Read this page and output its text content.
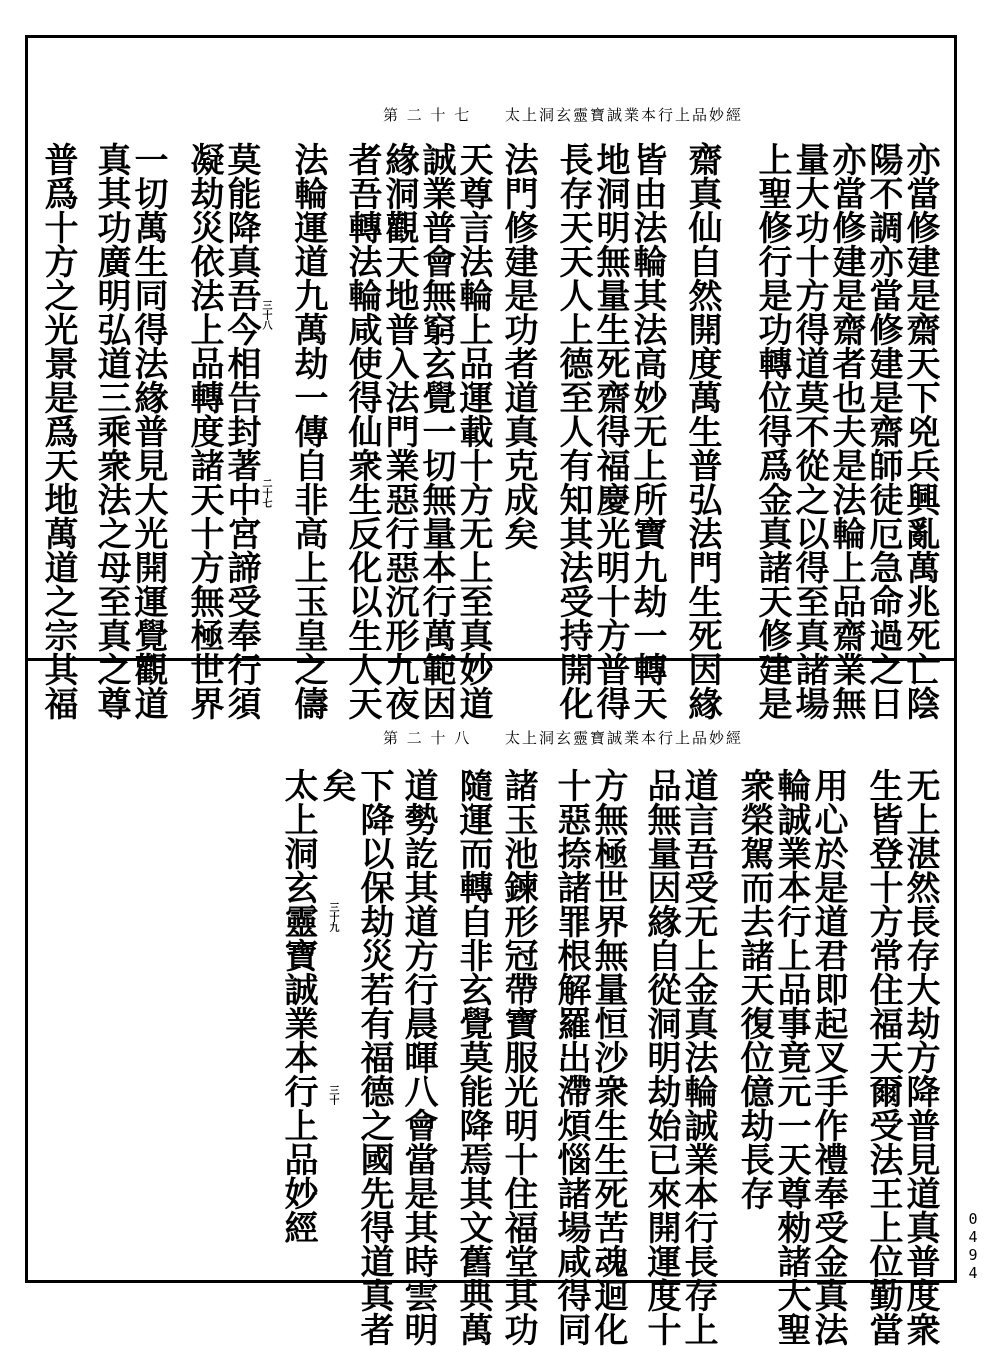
太上洞玄靈寶誠業本行上品妙經
第 二 十 七
亦當修建是齋天下兇兵興亂萬兆死亡陰
陽不調亦當修建是齋師徒厄急命過之日
亦當修建是齋者也夫是法輪上品齋業無
量大功十方得道莫不從之以得至真諸場
上聖修行是功轉位得爲金真諸天修建是
齋真仙自然開度萬生普弘法門生死因緣
皆由法輪其法高妙无上所寶九劫一轉天
地洞明無量生死齋得福慶光明十方普得
長存天天人上德至人有知其法受持開化
法門修建是功者道真克成矣
天尊言法輪上品運載十方无上至真妙道
誠業普會無窮玄覺一切無量本行萬範因
緣洞觀天地普入法門業惡行惡沉形九夜
者吾轉法輪咸使得仙衆生反化以生人天
法輪運道九萬劫一傳自非高上玉皇之儔
莫能降真吾今相告封著中宮諦受奉行須
凝劫災依法上品轉度諸天十方無極世界
一切萬生同得法緣普見大光開運覺觀道
真其功廣明弘道三乘衆法之母至真之尊
普爲十方之光景是爲天地萬道之宗其福	三十八
二十七
太上洞玄靈寶誠業本行上品妙經
第 二 十 八
无上湛然長存大劫方降普見道真普度衆
生皆登十方常住福天爾受法王上位勤當
用心於是道君即起叉手作禮奉受金真法
輪誠業本行上品事竟元一天尊勑諸大聖
衆榮駕而去諸天復位億劫長存
道言吾受无上金真法輪誠業本行長存上
品無量因緣自從洞明劫始已來開運度十
方無極世界無量恒沙衆生生死苦魂迴化
十惡捺諸罪根解羅出滯煩惱諸場咸得同
諸玉池鍊形冠帶寶服光明十住福堂其功
隨運而轉自非玄覺莫能降焉其文舊典萬
道勢訖其道方行晨暉八會當是其時雲明
下降以保劫災若有福德之國先得道真者
矣
太上洞玄靈寶誠業本行上品妙經 三十九
三十
0494
